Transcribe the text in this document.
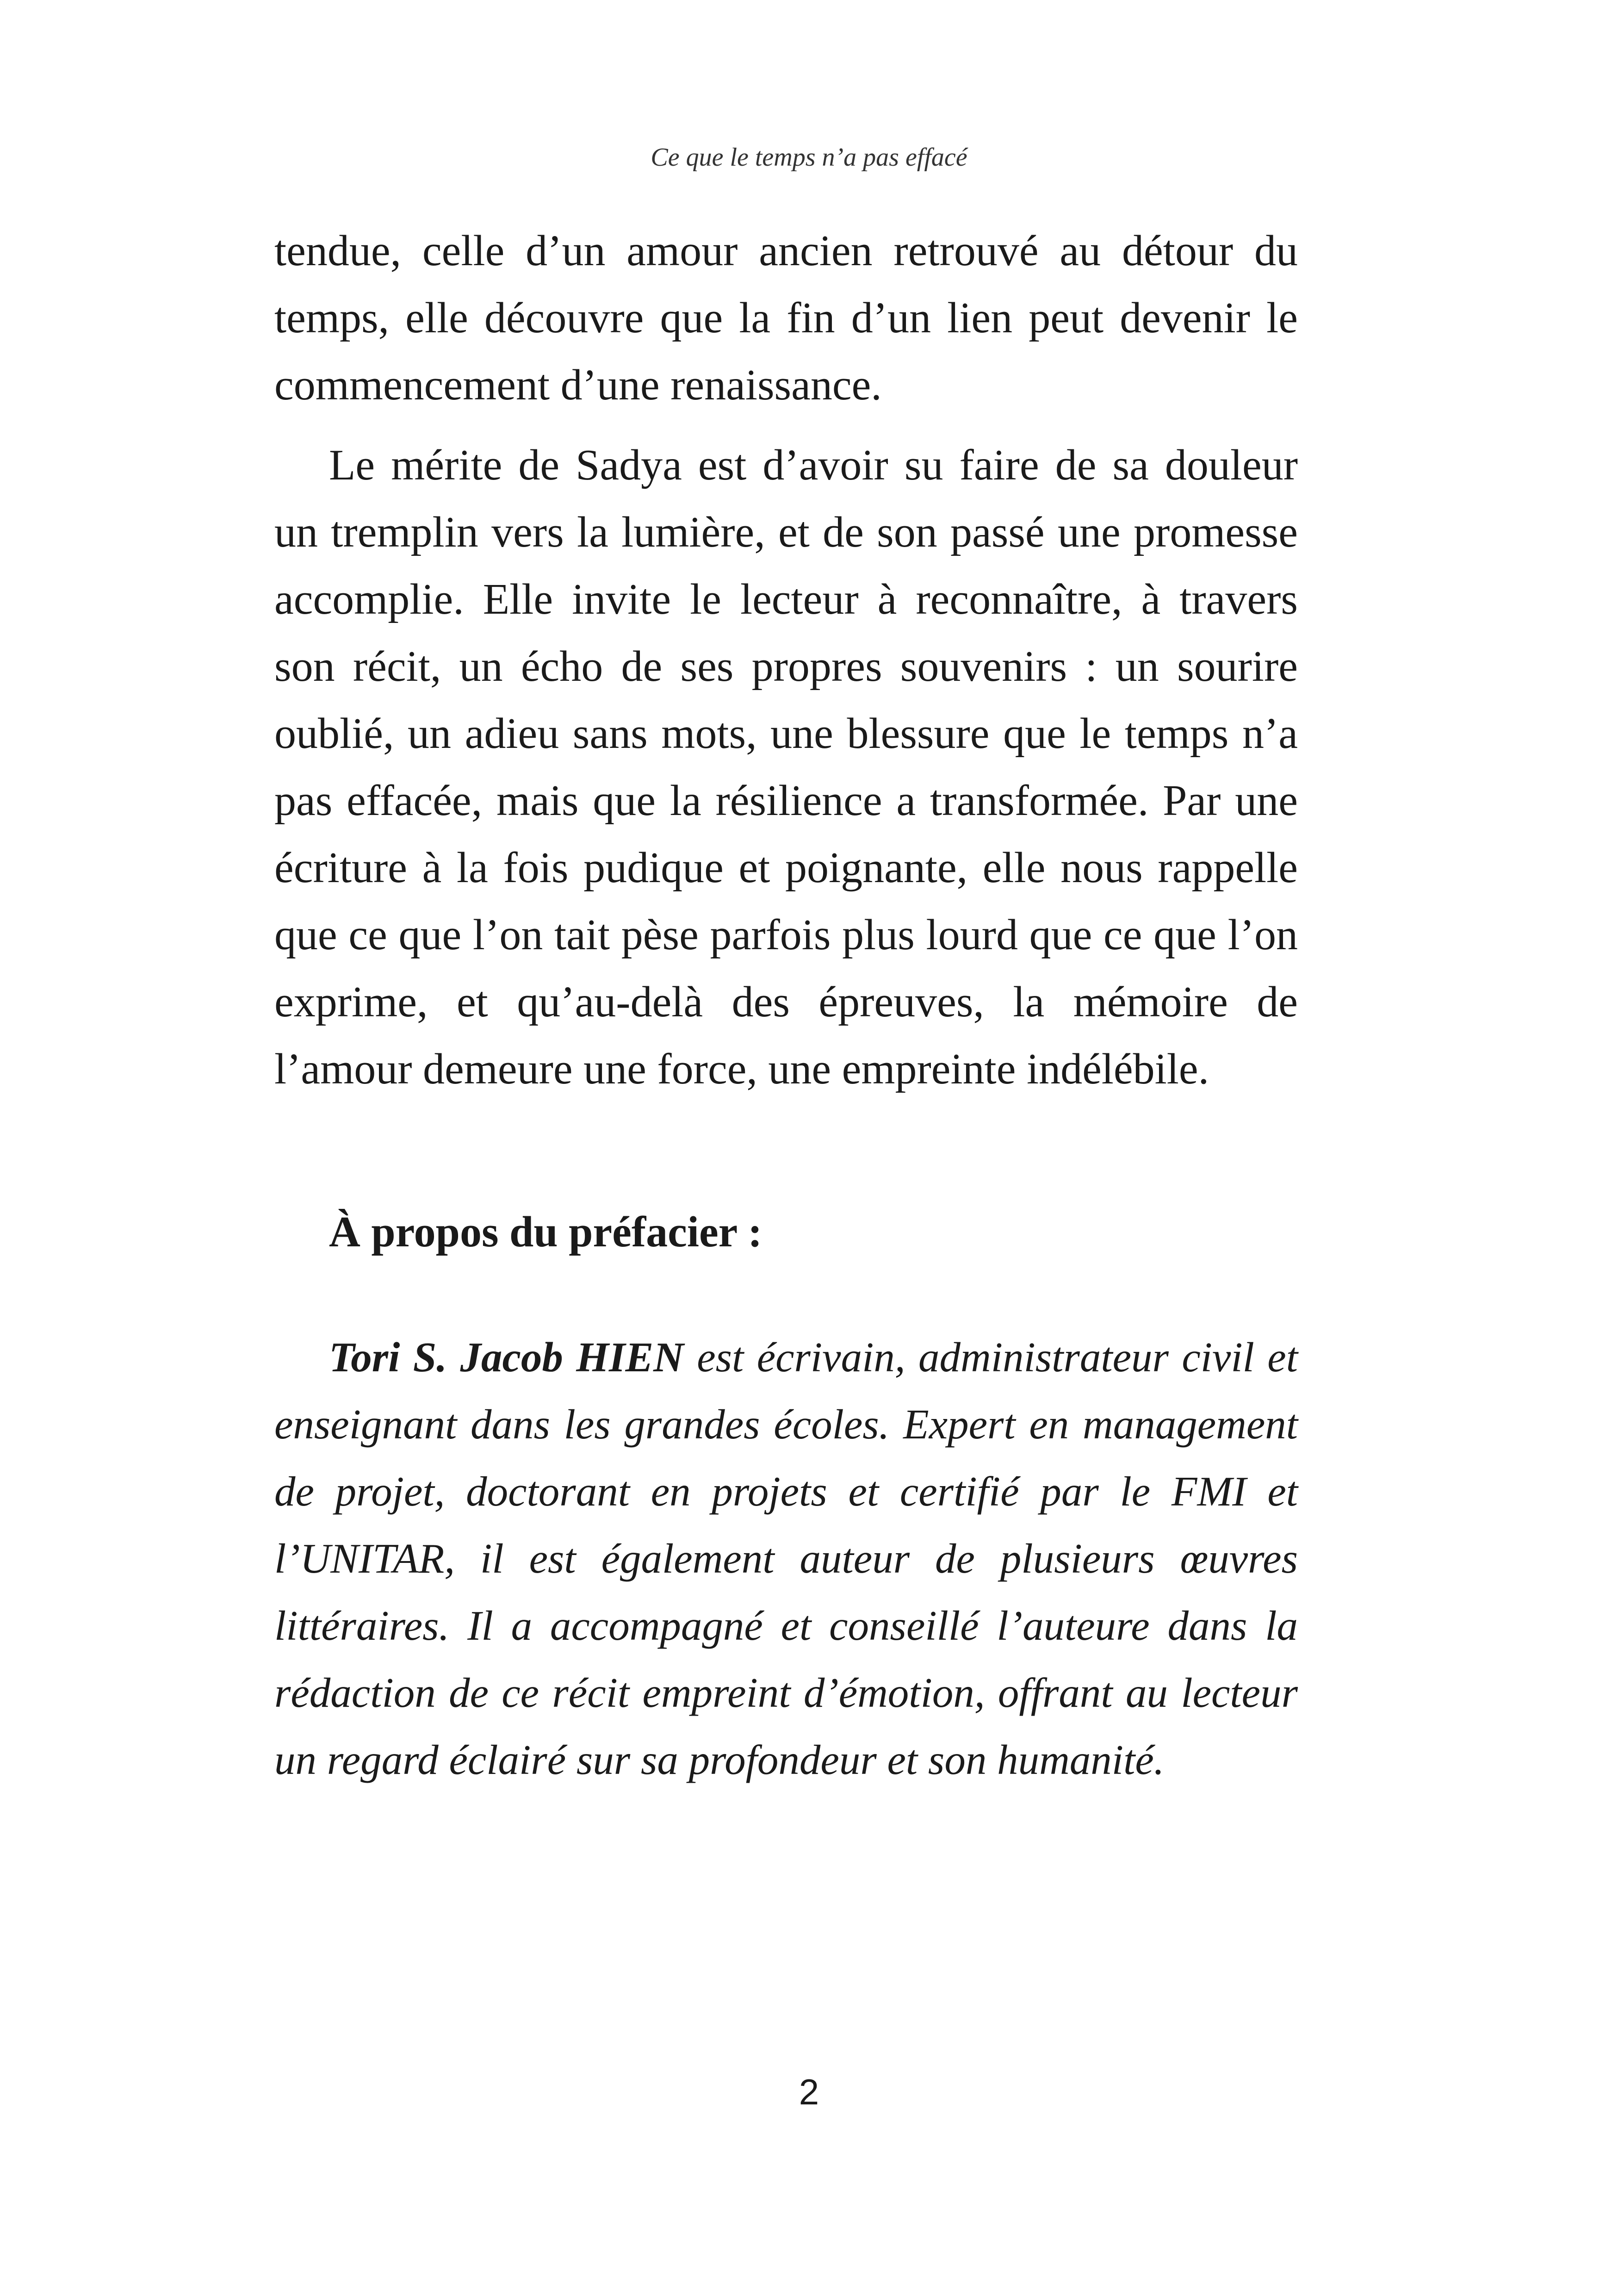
Ce que le temps n’a pas effacé

tendue, celle d’un amour ancien retrouvé au détour du temps, elle découvre que la fin d’un lien peut devenir le commencement d’une renaissance.

Le mérite de Sadya est d’avoir su faire de sa douleur un tremplin vers la lumière, et de son passé une promesse accomplie. Elle invite le lecteur à reconnaître, à travers son récit, un écho de ses propres souvenirs : un sourire oublié, un adieu sans mots, une blessure que le temps n’a pas effacée, mais que la résilience a transformée. Par une écriture à la fois pudique et poignante, elle nous rappelle que ce que l’on tait pèse parfois plus lourd que ce que l’on exprime, et qu’au-delà des épreuves, la mémoire de l’amour demeure une force, une empreinte indélébile.

À propos du préfacier :

Tori S. Jacob HIEN est écrivain, administrateur civil et enseignant dans les grandes écoles. Expert en management de projet, doctorant en projets et certifié par le FMI et l’UNITAR, il est également auteur de plusieurs œuvres littéraires. Il a accompagné et conseillé l’auteure dans la rédaction de ce récit empreint d’émotion, offrant au lecteur un regard éclairé sur sa profondeur et son humanité.

2
